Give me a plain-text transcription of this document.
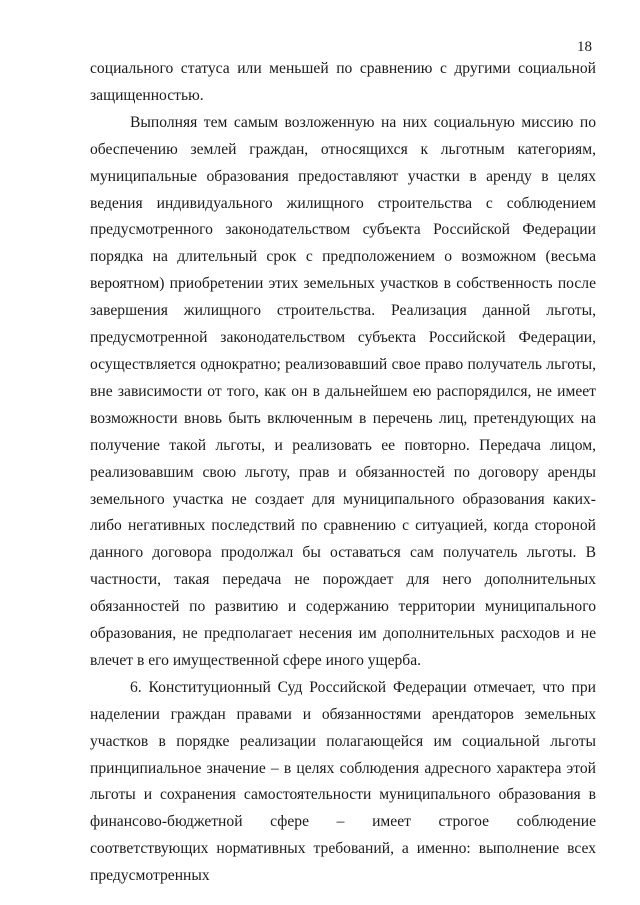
18

социального статуса или меньшей по сравнению с другими социальной защищенностью.

Выполняя тем самым возложенную на них социальную миссию по обеспечению землей граждан, относящихся к льготным категориям, муниципальные образования предоставляют участки в аренду в целях ведения индивидуального жилищного строительства с соблюдением предусмотренного законодательством субъекта Российской Федерации порядка на длительный срок с предположением о возможном (весьма вероятном) приобретении этих земельных участков в собственность после завершения жилищного строительства. Реализация данной льготы, предусмотренной законодательством субъекта Российской Федерации, осуществляется однократно; реализовавший свое право получатель льготы, вне зависимости от того, как он в дальнейшем ею распорядился, не имеет возможности вновь быть включенным в перечень лиц, претендующих на получение такой льготы, и реализовать ее повторно. Передача лицом, реализовавшим свою льготу, прав и обязанностей по договору аренды земельного участка не создает для муниципального образования каких-либо негативных последствий по сравнению с ситуацией, когда стороной данного договора продолжал бы оставаться сам получатель льготы. В частности, такая передача не порождает для него дополнительных обязанностей по развитию и содержанию территории муниципального образования, не предполагает несения им дополнительных расходов и не влечет в его имущественной сфере иного ущерба.

6. Конституционный Суд Российской Федерации отмечает, что при наделении граждан правами и обязанностями арендаторов земельных участков в порядке реализации полагающейся им социальной льготы принципиальное значение – в целях соблюдения адресного характера этой льготы и сохранения самостоятельности муниципального образования в финансово-бюджетной сфере – имеет строгое соблюдение соответствующих нормативных требований, а именно: выполнение всех предусмотренных
